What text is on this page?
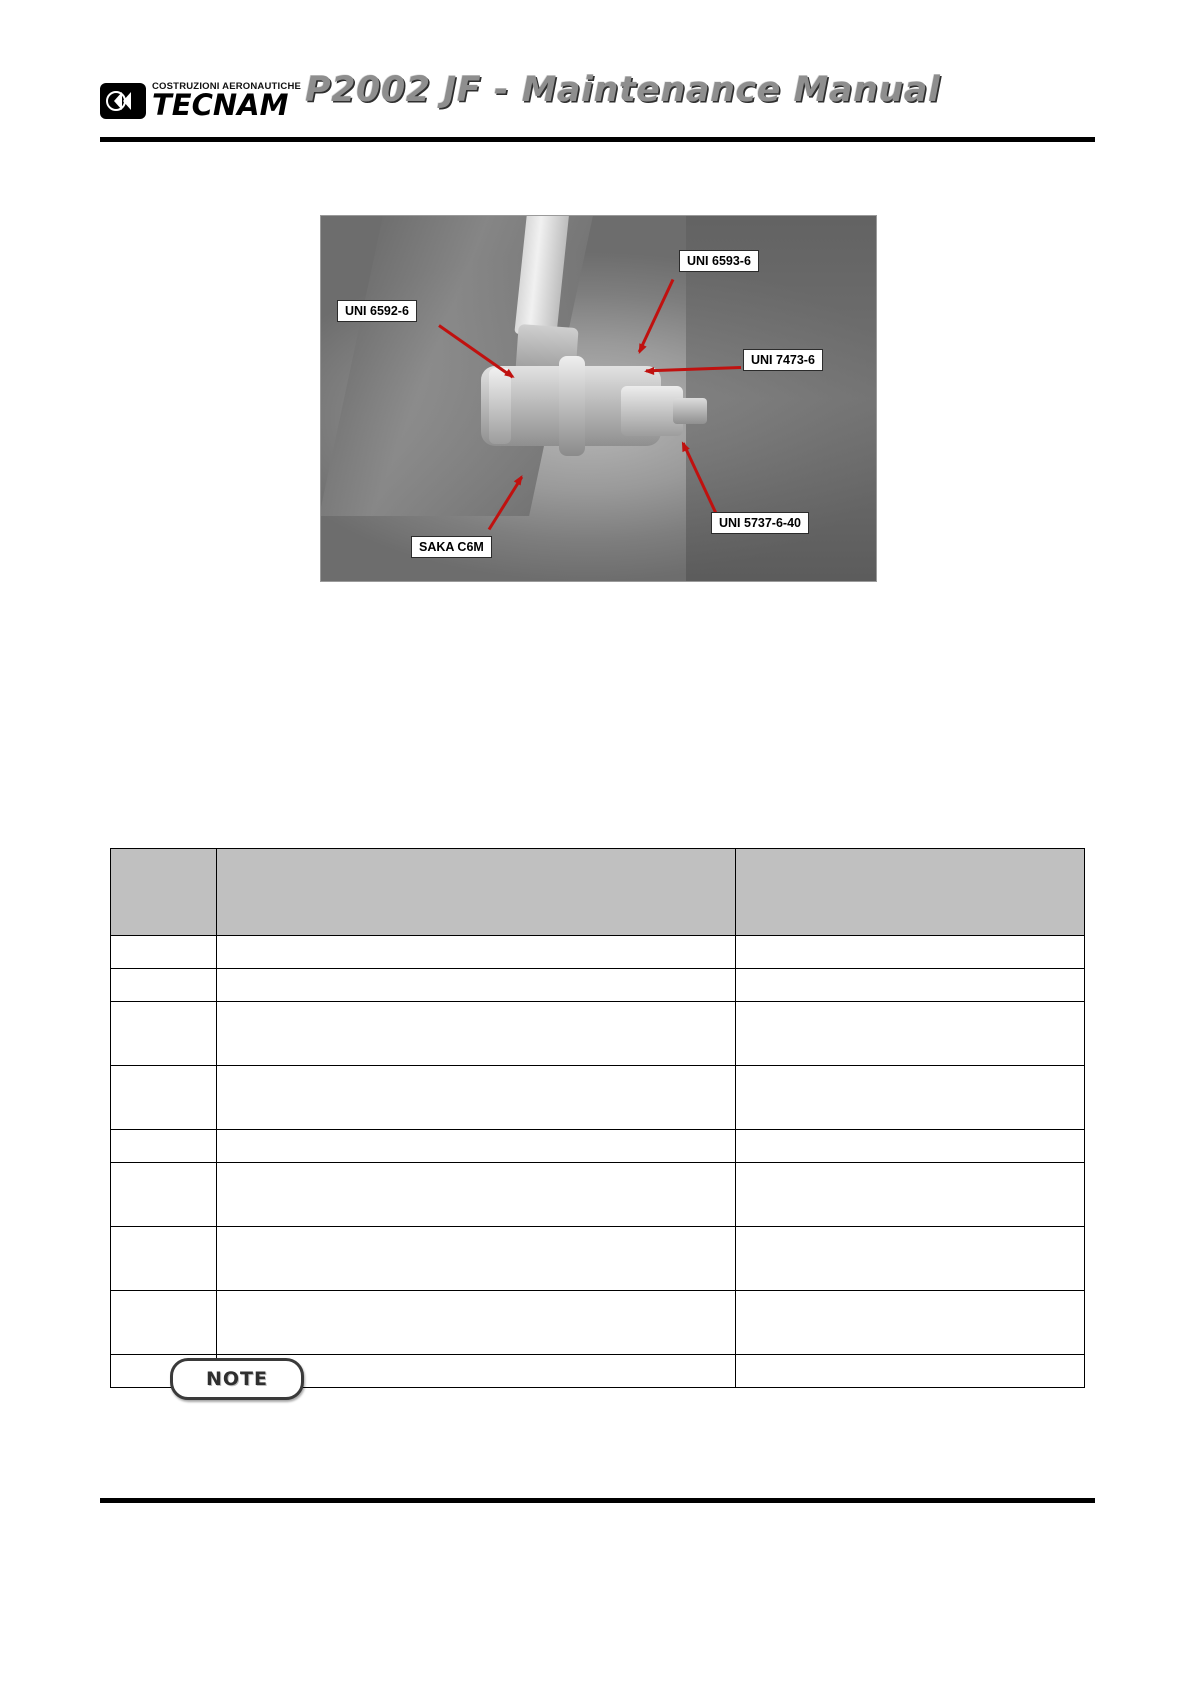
COSTRUZIONI AERONAUTICHE
TECNAM P2002 JF - Maintenance Manual
UNI 6592-6
UNI 6593-6
UNI 7473-6
UNI 5737-6-40
SAKA C6M

NOTE
